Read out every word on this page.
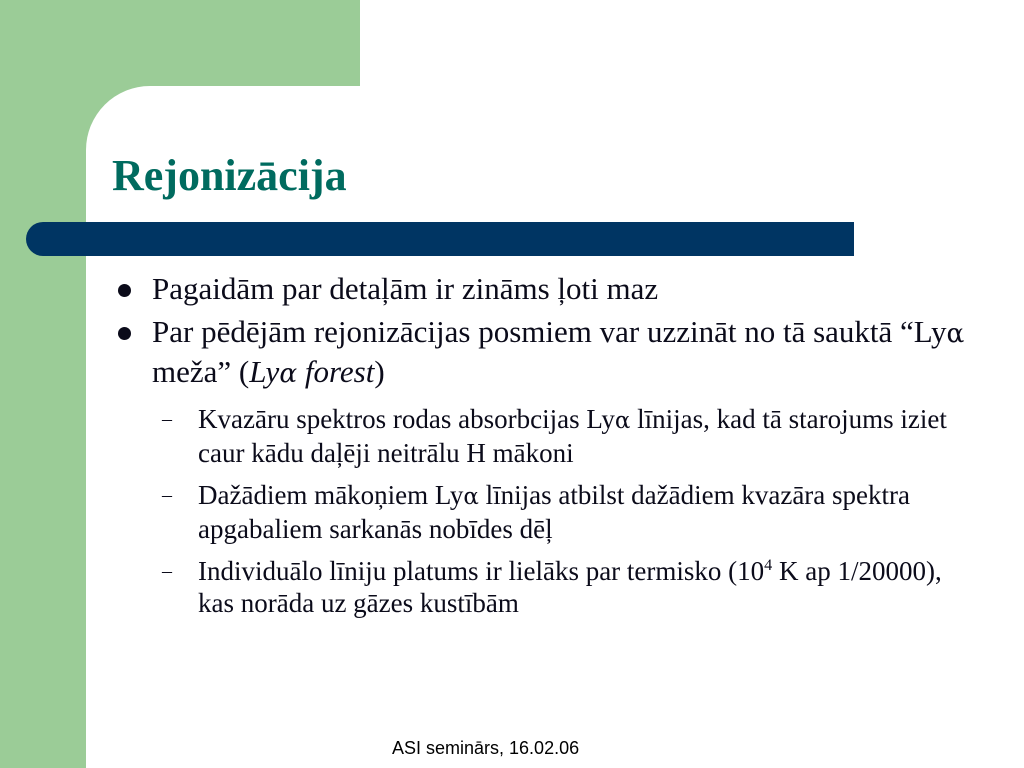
Rejonizācija
Pagaidām par detaļām ir zināms ļoti maz
Par pēdējām rejonizācijas posmiem var uzzināt no tā sauktā “Lyα meža” (Lyα forest)
– Kvazāru spektros rodas absorbcijas Lyα līnijas, kad tā starojums iziet caur kādu daļēji neitrālu H mākoni
– Dažādiem mākoņiem Lyα līnijas atbilst dažādiem kvazāra spektra apgabaliem sarkanās nobīdes dēļ
– Individuālo līniju platums ir lielāks par termisko ($10^4$ K ap 1/20000), kas norāda uz gāzes kustībām
ASI seminārs, 16.02.06
